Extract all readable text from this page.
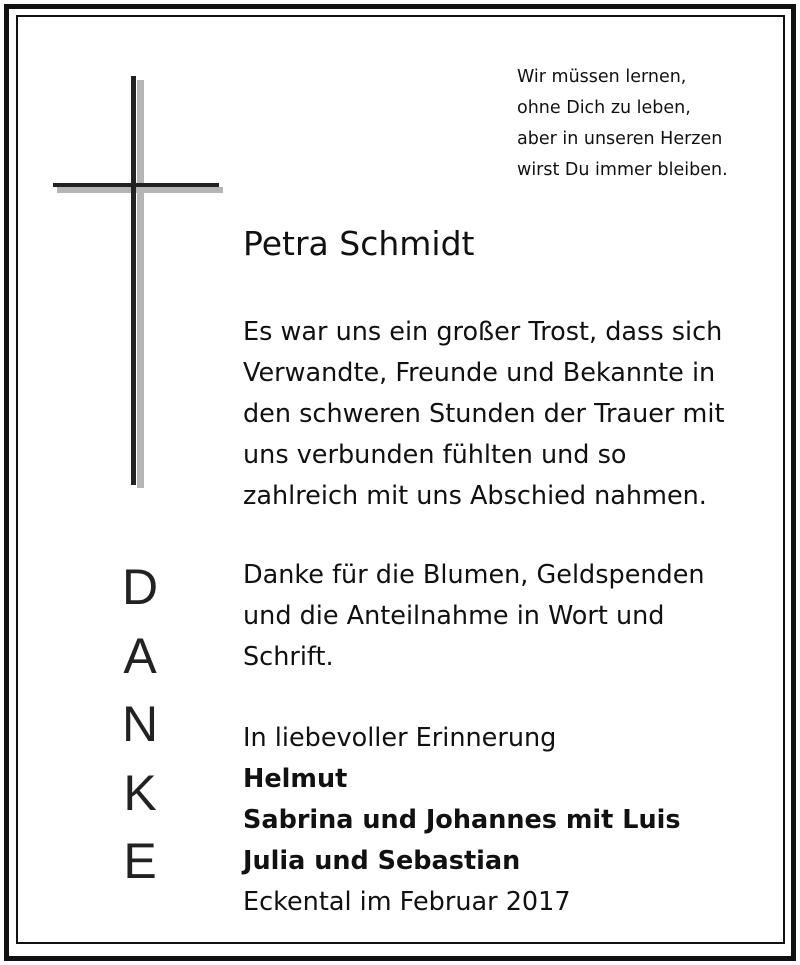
D
A
N
K
E
Wir müssen lernen,
ohne Dich zu leben,
aber in unseren Herzen
wirst Du immer bleiben.
Petra Schmidt
Es war uns ein großer Trost, dass sich
Verwandte, Freunde und Bekannte in
den schweren Stunden der Trauer mit
uns verbunden fühlten und so
zahlreich mit uns Abschied nahmen.
Danke für die Blumen, Geldspenden
und die Anteilnahme in Wort und
Schrift.
In liebevoller Erinnerung
Helmut
Sabrina und Johannes mit Luis
Julia und Sebastian
Eckental im Februar 2017
